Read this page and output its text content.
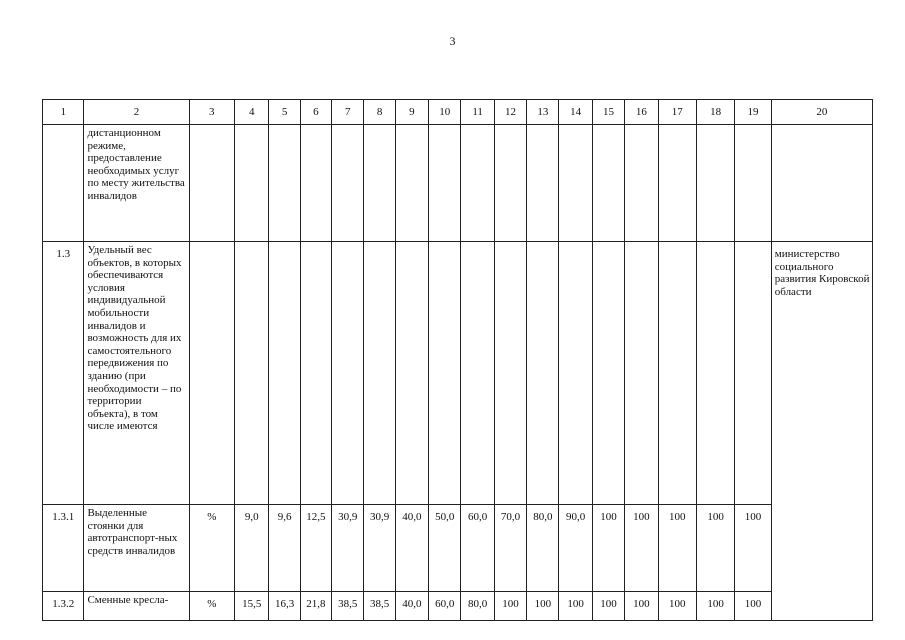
3
1	2	3	4	5	6	7	8	9	10	11	12	13	14	15	16	17	18	19	20
	дистанционном режиме, предоставление необходимых услуг по месту жительства инвалидов																		
1.3	Удельный вес объектов, в которых обеспечиваются условия индивидуальной мобильности инвалидов и возможность для их самостоятельного передвижения по зданию (при необходимости – по территории объекта), в том числе имеются																		министерство социального развития Кировской области
1.3.1	Выделенные стоянки для автотранспорт-ных средств инвалидов	%	9,0	9,6	12,5	30,9	30,9	40,0	50,0	60,0	70,0	80,0	90,0	100	100	100	100	100	
1.3.2	Сменные кресла-	%	15,5	16,3	21,8	38,5	38,5	40,0	60,0	80,0	100	100	100	100	100	100	100	100	
